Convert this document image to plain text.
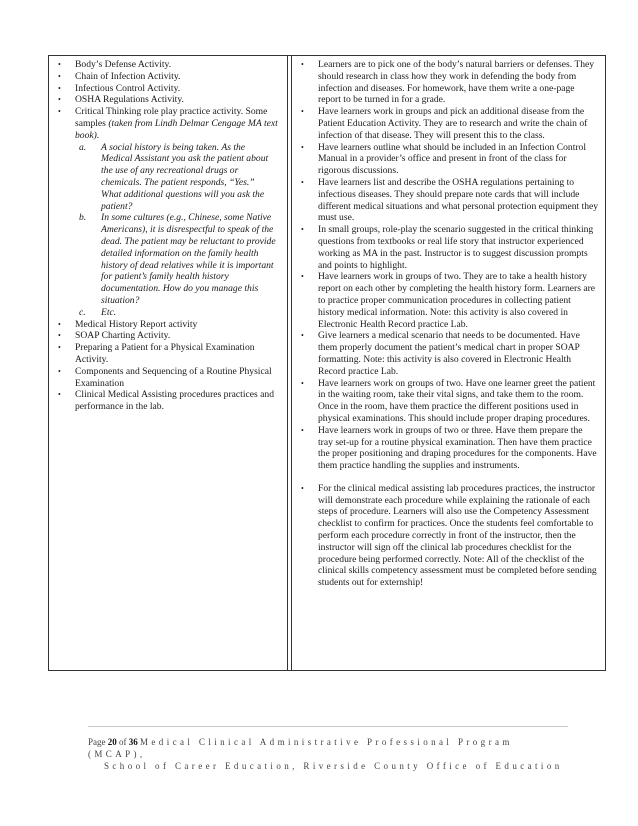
• Body’s Defense Activity.
• Chain of Infection Activity.
• Infectious Control Activity.
• OSHA Regulations Activity.
• Critical Thinking role play practice activity. Some samples (taken from Lindh Delmar Cengage MA text book).
a. A social history is being taken. As the Medical Assistant you ask the patient about the use of any recreational drugs or chemicals. The patient responds, “Yes.” What additional questions will you ask the patient?
b. In some cultures (e.g., Chinese, some Native Americans), it is disrespectful to speak of the dead. The patient may be reluctant to provide detailed information on the family health history of dead relatives while it is important for patient’s family health history documentation. How do you manage this situation?
c. Etc.
• Medical History Report activity
• SOAP Charting Activity.
• Preparing a Patient for a Physical Examination Activity.
• Components and Sequencing of a Routine Physical Examination
• Clinical Medical Assisting procedures practices and performance in the lab.
• Learners are to pick one of the body’s natural barriers or defenses. They should research in class how they work in defending the body from infection and diseases. For homework, have them write a one-page report to be turned in for a grade.
• Have learners work in groups and pick an additional disease from the Patient Education Activity. They are to research and write the chain of infection of that disease. They will present this to the class.
• Have learners outline what should be included in an Infection Control Manual in a provider’s office and present in front of the class for rigorous discussions.
• Have learners list and describe the OSHA regulations pertaining to infectious diseases. They should prepare note cards that will include different medical situations and what personal protection equipment they must use.
• In small groups, role-play the scenario suggested in the critical thinking questions from textbooks or real life story that instructor experienced working as MA in the past. Instructor is to suggest discussion prompts and points to highlight.
• Have learners work in groups of two. They are to take a health history report on each other by completing the health history form. Learners are to practice proper communication procedures in collecting patient history medical information. Note: this activity is also covered in Electronic Health Record practice Lab.
• Give learners a medical scenario that needs to be documented. Have them properly document the patient’s medical chart in proper SOAP formatting. Note: this activity is also covered in Electronic Health Record practice Lab.
• Have learners work on groups of two. Have one learner greet the patient in the waiting room, take their vital signs, and take them to the room. Once in the room, have them practice the different positions used in physical examinations. This should include proper draping procedures.
• Have learners work in groups of two or three. Have them prepare the tray set-up for a routine physical examination. Then have them practice the proper positioning and draping procedures for the components. Have them practice handling the supplies and instruments.
• For the clinical medical assisting lab procedures practices, the instructor will demonstrate each procedure while explaining the rationale of each steps of procedure. Learners will also use the Competency Assessment checklist to confirm for practices. Once the students feel comfortable to perform each procedure correctly in front of the instructor, then the instructor will sign off the clinical lab procedures checklist for the procedure being performed correctly. Note: All of the checklist of the clinical skills competency assessment must be completed before sending students out for externship!
Page 20 of 36 Medical Clinical Administrative Professional Program (MCAP),
School of Career Education, Riverside County Office of Education
